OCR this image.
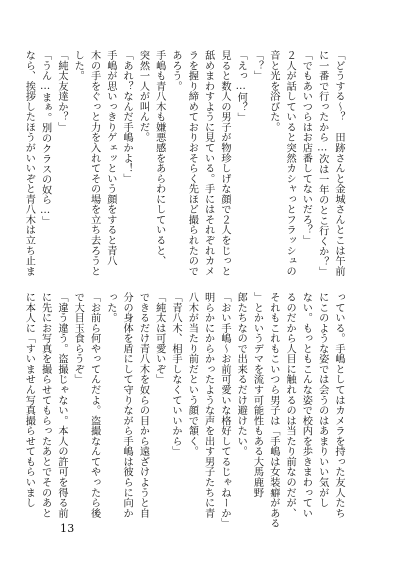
「どうする〜？　田跡さんと金城さんとこは午前
に一番で行ったから…次は一年のとこ行くか？」
「でもあいつらはお店番してないだろ？」
２人が話していると突然カシャっとフラッシュの
音と光を浴びた。
「？」
「えっ…何？」
見ると数人の男子が物珍しげな顔で２人をじっと
舐めまわすように見ている。手にはそれぞれカメ
ラを握り締めておりおそらく先ほど撮られたので
あろう。
手嶋も青八木も嫌悪感をあらわにしていると、
突然一人が叫んだ。
「あれ？なんだ手嶋かよ！」
手嶋が思いっきりゲェッという顔をすると青八
木の手をぐっと力を入れてその場を立ち去ろうと
した。
「純太友達か？」
「うん…まぁ。別のクラスの奴ら…」
なら、挨拶したほうがいいぞと青八木は立ち止ま
っている。手嶋としてはカメラを持った友人たち
にこのような姿では会うのはあまりいい気がし
ない。もっともこんな姿で校内を歩きまわってい
るのだから人目に触れるのは当たり前なのだが、
それもこれもこいつら男子は「手嶋は女装癖がある
」とかいうデマを流す可能性もある大馬鹿野
郎たちなので出来るだけ避けたい。
「おい手嶋〜お前可愛いな格好してるじゃねーか」
明らかにからかったような声を出す男子たちに青
八木が当たり前だという顔で頷く。
「青八木、相手しなくていいから」
「純太は可愛いぞ」
できるだけ青八木を奴らの目から遠ざけようと自
分の身体を盾にして守りながら手嶋は彼らに向か
った。
「お前ら何やってんだよ。盗撮なんてやったら後
で大目玉食らうぞ」
「違う違う。盗撮じゃない。本人の許可を得る前
に先にお写真を撮らせてもらったあとでそのあと
に本人に「すいません写真撮らせてもらいまし
13
